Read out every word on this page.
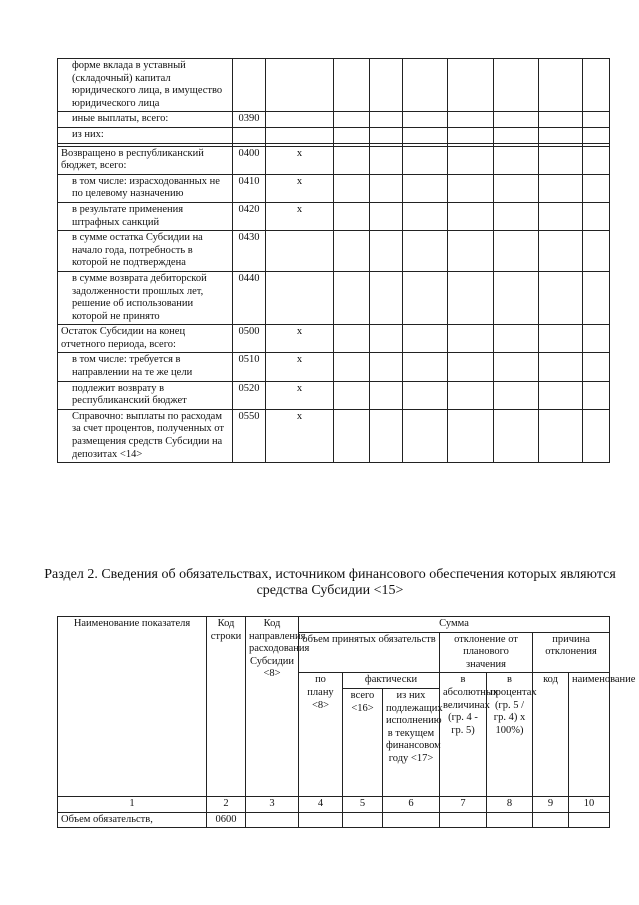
форме вклада в уставный (складочный) капитал юридического лица, в имущество юридического лица									
иные выплаты, всего:	0390								
из них:									

Возвращено в республиканский бюджет, всего:	0400	x							
в том числе: израсходованных не по целевому назначению	0410	x							
в результате применения штрафных санкций	0420	x							
в сумме остатка Субсидии на начало года, потребность в которой не подтверждена	0430								
в сумме возврата дебиторской задолженности прошлых лет, решение об использовании которой не принято	0440								
Остаток Субсидии на конец отчетного периода, всего:	0500	x							
в том числе: требуется в направлении на те же цели	0510	x							
подлежит возврату в республиканский бюджет	0520	x							
Справочно: выплаты по расходам за счет процентов, полученных от размещения средств Субсидии на депозитах <14>	0550	x							
Раздел 2. Сведения об обязательствах, источником финансового обеспечения которых являются средства Субсидии <15>
Наименование показателя	Код строки	Код направления расходования Субсидии <8>	Сумма						
			объем принятых обязательств			отклонение от планового значения		причина отклонения	
			по плану <8>	фактически		в абсолютных величинах (гр. 4 - гр. 5)	в процентах (гр. 5 / гр. 4) x 100%)	код	наименование
				всего <16>	из них подлежащих исполнению в текущем финансовом году <17>				
1	2	3	4	5	6	7	8	9	10
Объем обязательств,	0600								
